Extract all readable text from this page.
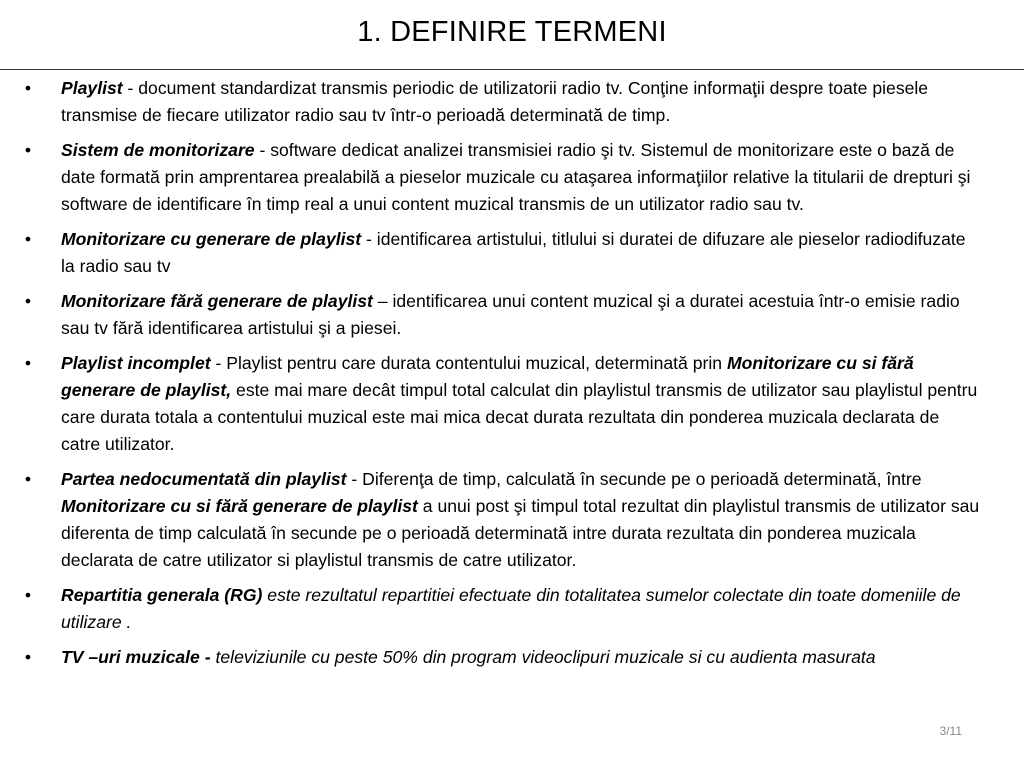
1. DEFINIRE TERMENI
• Playlist - document standardizat transmis periodic de utilizatorii radio tv. Conţine informaţii despre toate piesele transmise de fiecare utilizator radio sau tv într-o perioadă determinată de timp.
• Sistem de monitorizare - software dedicat analizei transmisiei radio şi tv. Sistemul de monitorizare este o bază de date formată prin amprentarea prealabilă a pieselor muzicale cu ataşarea informaţiilor relative la titularii de drepturi şi software de identificare în timp real a unui content muzical transmis de un utilizator radio sau tv.
• Monitorizare cu generare de playlist - identificarea artistului, titlului si duratei de difuzare ale pieselor radiodifuzate la radio sau tv
• Monitorizare fără generare de playlist – identificarea unui content muzical şi a duratei acestuia într-o emisie radio sau tv fără identificarea artistului şi a piesei.
• Playlist incomplet - Playlist pentru care durata contentului muzical, determinată prin Monitorizare cu si fără generare de playlist, este mai mare decât timpul total calculat din playlistul transmis de utilizator sau playlistul pentru care durata totala a contentului muzical este mai mica decat durata rezultata din ponderea muzicala declarata de catre utilizator.
• Partea nedocumentată din playlist - Diferenţa de timp, calculată în secunde pe o perioadă determinată, între Monitorizare cu si fără generare de playlist a unui post şi timpul total rezultat din playlistul transmis de utilizator sau diferenta de timp calculată în secunde pe o perioadă determinată intre durata rezultata din ponderea muzicala declarata de catre utilizator si playlistul transmis de catre utilizator.
• Repartitia generala (RG) este rezultatul repartitiei efectuate din totalitatea sumelor colectate din toate domeniile de utilizare .
• TV –uri muzicale - televiziunile cu peste 50% din program videoclipuri muzicale si cu audienta masurata
3/11
